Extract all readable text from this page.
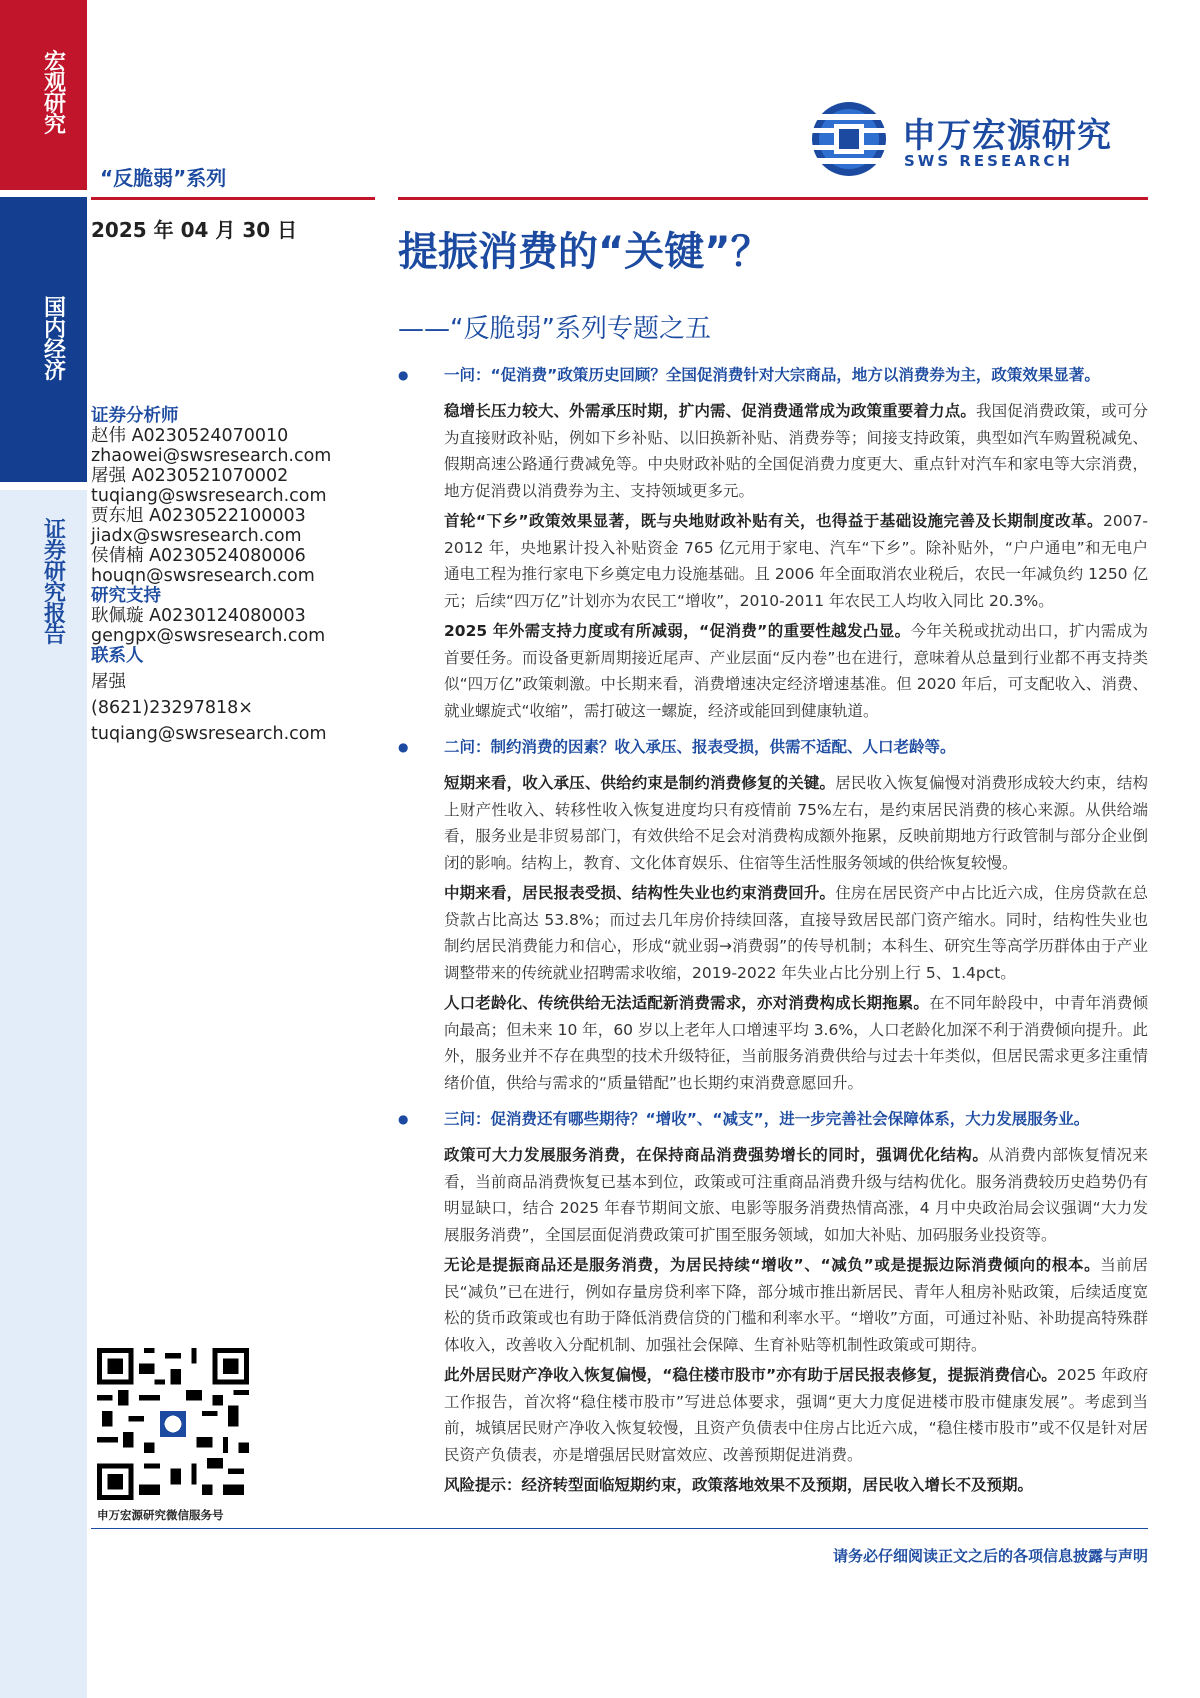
宏
观
研
究
国
内
经
济
证
券
研
究
报
告
“反脆弱”系列
申万宏源研究
SWS RESEARCH
2025 年 04 月 30 日	提振消费的“关键”？
——“反脆弱”系列专题之五
证券分析师
赵伟 A0230524070010
zhaowei@swsresearch.com
屠强 A0230521070002
tuqiang@swsresearch.com
贾东旭 A0230522100003
jiadx@swsresearch.com
侯倩楠 A0230524080006
houqn@swsresearch.com
研究支持
耿佩璇 A0230124080003
gengpx@swsresearch.com
联系人
屠强
(8621)23297818×
tuqiang@swsresearch.com
申万宏源研究微信服务号
● 一问：“促消费”政策历史回顾？全国促消费针对大宗商品，地方以消费券为主，政策效果显著。

稳增长压力较大、外需承压时期，扩内需、促消费通常成为政策重要着力点。我国促消费政策，或可分为直接财政补贴，例如下乡补贴、以旧换新补贴、消费券等；间接支持政策，典型如汽车购置税减免、假期高速公路通行费减免等。中央财政补贴的全国促消费力度更大、重点针对汽车和家电等大宗消费，地方促消费以消费券为主、支持领域更多元。

首轮“下乡”政策效果显著，既与央地财政补贴有关，也得益于基础设施完善及长期制度改革。2007-2012 年，央地累计投入补贴资金 765 亿元用于家电、汽车“下乡”。除补贴外，“户户通电”和无电户通电工程为推行家电下乡奠定电力设施基础。且 2006 年全面取消农业税后，农民一年减负约 1250 亿元；后续“四万亿”计划亦为农民工“增收”，2010-2011 年农民工人均收入同比 20.3%。

2025 年外需支持力度或有所减弱，“促消费”的重要性越发凸显。今年关税或扰动出口，扩内需成为首要任务。而设备更新周期接近尾声、产业层面“反内卷”也在进行，意味着从总量到行业都不再支持类似“四万亿”政策刺激。中长期来看，消费增速决定经济增速基准。但 2020 年后，可支配收入、消费、就业螺旋式“收缩”，需打破这一螺旋，经济或能回到健康轨道。

● 二问：制约消费的因素？收入承压、报表受损，供需不适配、人口老龄等。

短期来看，收入承压、供给约束是制约消费修复的关键。居民收入恢复偏慢对消费形成较大约束，结构上财产性收入、转移性收入恢复进度均只有疫情前 75%左右，是约束居民消费的核心来源。从供给端看，服务业是非贸易部门，有效供给不足会对消费构成额外拖累，反映前期地方行政管制与部分企业倒闭的影响。结构上，教育、文化体育娱乐、住宿等生活性服务领域的供给恢复较慢。

中期来看，居民报表受损、结构性失业也约束消费回升。住房在居民资产中占比近六成，住房贷款在总贷款占比高达 53.8%；而过去几年房价持续回落，直接导致居民部门资产缩水。同时，结构性失业也制约居民消费能力和信心，形成“就业弱→消费弱”的传导机制；本科生、研究生等高学历群体由于产业调整带来的传统就业招聘需求收缩，2019-2022 年失业占比分别上行 5、1.4pct。

人口老龄化、传统供给无法适配新消费需求，亦对消费构成长期拖累。在不同年龄段中，中青年消费倾向最高；但未来 10 年，60 岁以上老年人口增速平均 3.6%，人口老龄化加深不利于消费倾向提升。此外，服务业并不存在典型的技术升级特征，当前服务消费供给与过去十年类似，但居民需求更多注重情绪价值，供给与需求的“质量错配”也长期约束消费意愿回升。

● 三问：促消费还有哪些期待？“增收”、“减支”，进一步完善社会保障体系，大力发展服务业。

政策可大力发展服务消费，在保持商品消费强势增长的同时，强调优化结构。从消费内部恢复情况来看，当前商品消费恢复已基本到位，政策或可注重商品消费升级与结构优化。服务消费较历史趋势仍有明显缺口，结合 2025 年春节期间文旅、电影等服务消费热情高涨，4 月中央政治局会议强调“大力发展服务消费”，全国层面促消费政策可扩围至服务领域，如加大补贴、加码服务业投资等。

无论是提振商品还是服务消费，为居民持续“增收”、“减负”或是提振边际消费倾向的根本。当前居民“减负”已在进行，例如存量房贷利率下降，部分城市推出新居民、青年人租房补贴政策，后续适度宽松的货币政策或也有助于降低消费信贷的门槛和利率水平。“增收”方面，可通过补贴、补助提高特殊群体收入，改善收入分配机制、加强社会保障、生育补贴等机制性政策或可期待。

此外居民财产净收入恢复偏慢，“稳住楼市股市”亦有助于居民报表修复，提振消费信心。2025 年政府工作报告，首次将“稳住楼市股市”写进总体要求，强调“更大力度促进楼市股市健康发展”。考虑到当前，城镇居民财产净收入恢复较慢，且资产负债表中住房占比近六成，“稳住楼市股市”或不仅是针对居民资产负债表，亦是增强居民财富效应、改善预期促进消费。

风险提示：经济转型面临短期约束，政策落地效果不及预期，居民收入增长不及预期。

请务必仔细阅读正文之后的各项信息披露与声明
